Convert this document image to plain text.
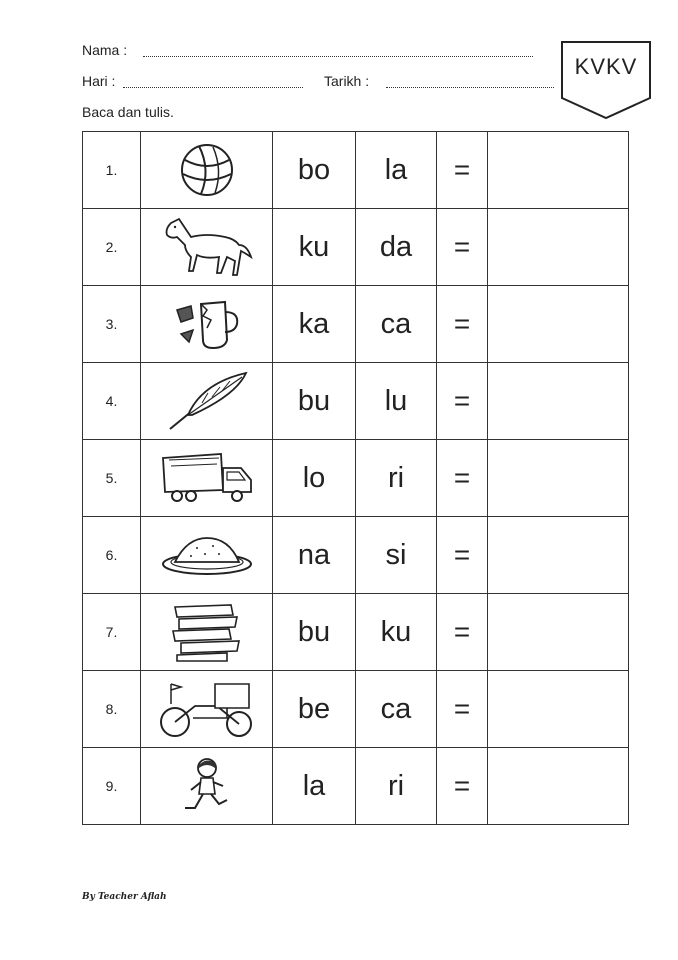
Nama :
Hari :	Tarikh :
Baca dan tulis.
KVKV
1.		bo	la	=	
2.		ku	da	=	
3.		ka	ca	=	
4.		bu	lu	=	
5.		lo	ri	=	
6.		na	si	=	
7.		bu	ku	=	
8.		be	ca	=	
9.		la	ri	=	
By Teacher Aflah
